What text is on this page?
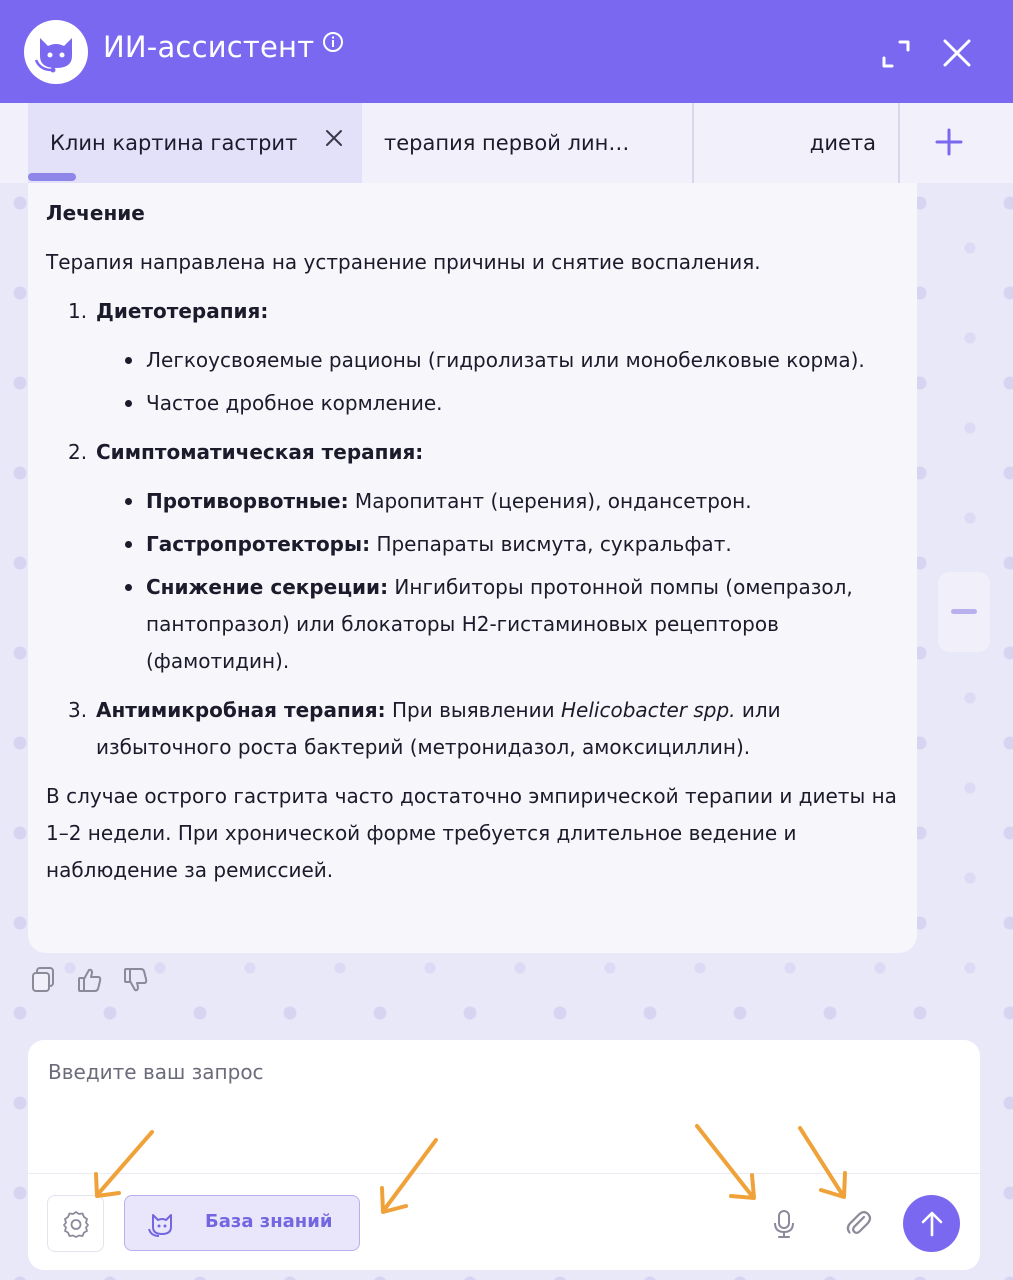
ИИ-ассистент
Клин картина гастрит	терапия первой лин…	диета
Лечение

Терапия направлена на устранение причины и снятие воспаления.

1. Диетотерапия:
Легкоусвояемые рационы (гидролизаты или монобелковые корма).
Частое дробное кормление.
2. Симптоматическая терапия:
Противорвотные: Маропитант (церения), ондансетрон.
Гастропротекторы: Препараты висмута, сукральфат.
Снижение секреции: Ингибиторы протонной помпы (омепразол, пантопразол) или блокаторы H2-гистаминовых рецепторов (фамотидин).
3. Антимикробная терапия: При выявлении Helicobacter spp. или избыточного роста бактерий (метронидазол, амоксициллин).

В случае острого гастрита часто достаточно эмпирической терапии и диеты на 1–2 недели. При хронической форме требуется длительное ведение и наблюдение за ремиссией.

Введите ваш запрос
База знаний
